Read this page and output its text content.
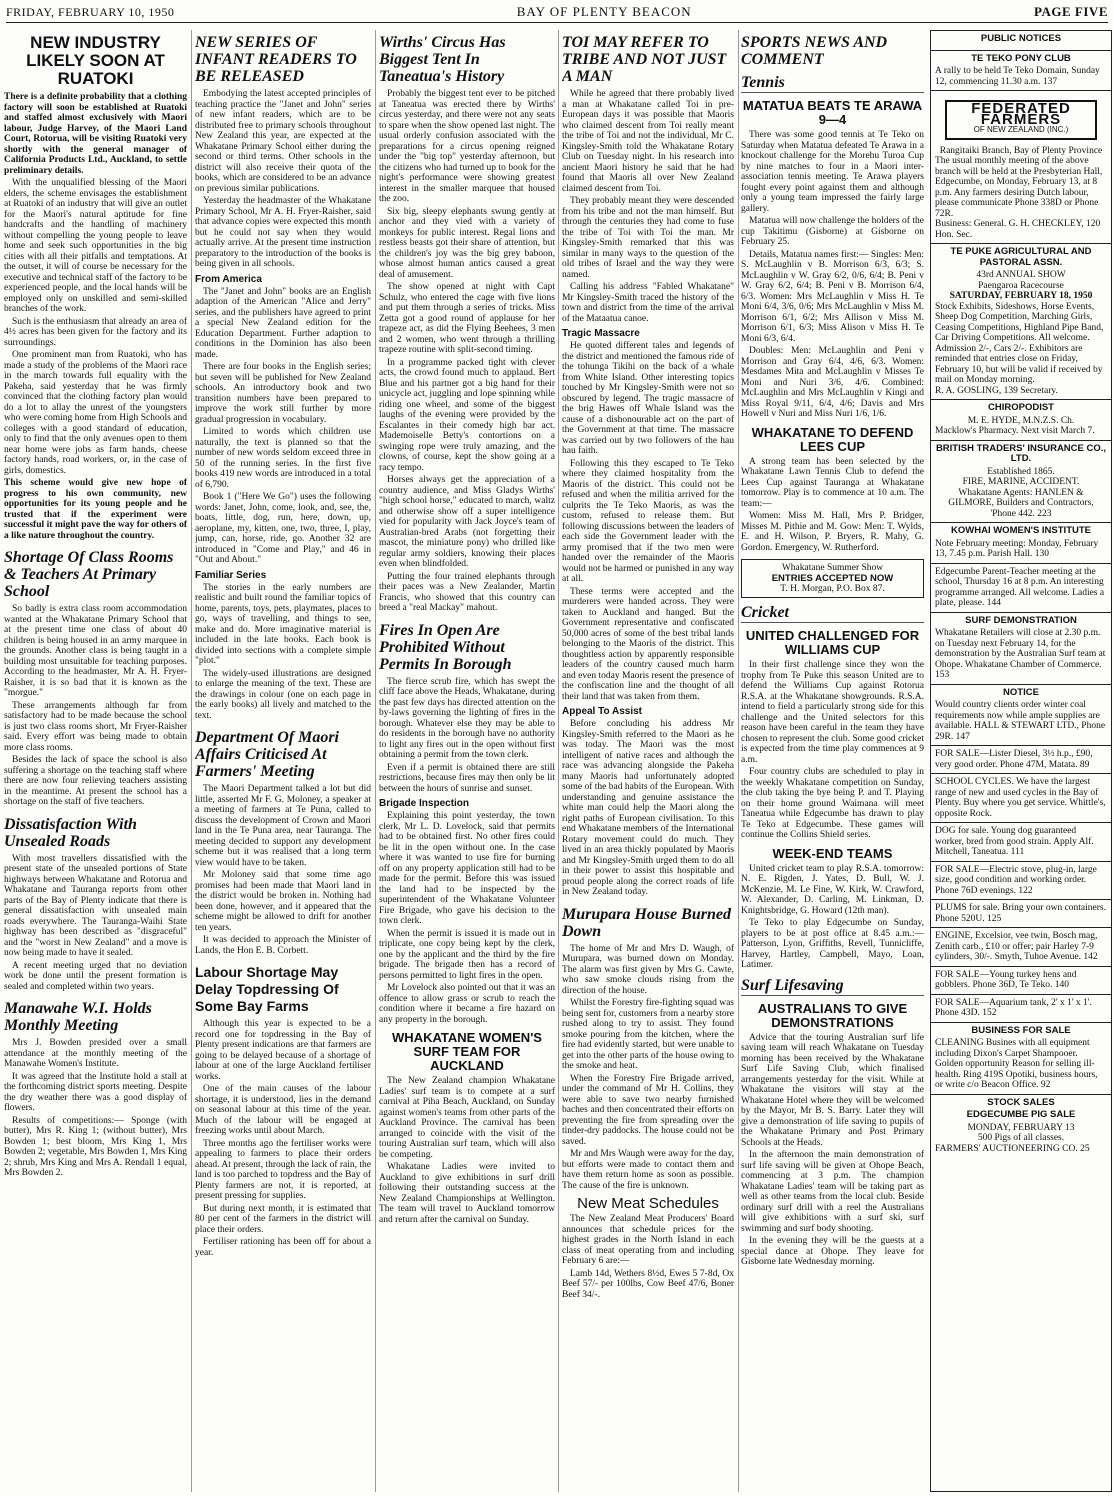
FRIDAY, FEBRUARY 10, 1950	BAY OF PLENTY BEACON	PAGE FIVE
NEW INDUSTRY LIKELY SOON AT RUATOKI

There is a definite probability that a clothing factory will soon be established at Ruatoki and staffed almost exclusively with Maori labour, Judge Harvey, of the Maori Land Court, Rotorua, will be visiting Ruatoki very shortly with the general manager of California Products Ltd., Auckland, to settle preliminary details.

With the unqualified blessing of the Maori elders, the scheme envisages the establishment at Ruatoki of an industry that will give an outlet for the Maori's natural aptitude for fine handcrafts and the handling of machinery without compelling the young people to leave home and seek such opportunities in the big cities with all their pitfalls and temptations. At the outset, it will of course be necessary for the executive and technical staff of the factory to be experienced people, and the local hands will be employed only on unskilled and semi-skilled branches of the work.

Such is the enthusiasm that already an area of 4½ acres has been given for the factory and its surroundings.

One prominent man from Ruatoki, who has made a study of the problems of the Maori race in the march towards full equality with the Pakeha, said yesterday that he was firmly convinced that the clothing factory plan would do a lot to allay the unrest of the youngsters who were coming home from High Schools and colleges with a good standard of education, only to find that the only avenues open to them near home were jobs as farm hands, cheese factory hands, road workers, or, in the case of girls, domestics.

This scheme would give new hope of progress to his own community, new opportunities for its young people and he trusted that if the experiment were successful it might pave the way for others of a like nature throughout the country.

Shortage Of Class Rooms & Teachers At Primary School

So badly is extra class room accommodation wanted at the Whakatane Primary School that at the present time one class of about 40 children is being housed in an army marquee in the grounds. Another class is being taught in a building most unsuitable for teaching purposes. According to the headmaster, Mr A. H. Fryer-Raisher, it is so bad that it is known as the "morgue."

These arrangements although far from satisfactory had to be made because the school is just two class rooms short, Mr Fryer-Raisher said. Every effort was being made to obtain more class rooms.

Besides the lack of space the school is also suffering a shortage on the teaching staff where there are now four relieving teachers assisting in the meantime. At present the school has a shortage on the staff of five teachers.

Dissatisfaction With Unsealed Roads

With most travellers dissatisfied with the present state of the unsealed portions of State highways between Whakatane and Rotorua and Whakatane and Tauranga reports from other parts of the Bay of Plenty indicate that there is general dissatisfaction with unsealed main roads everywhere. The Tauranga-Waihi State highway has been described as "disgraceful" and the "worst in New Zealand" and a move is now being made to have it sealed.

A recent meeting urged that no deviation work be done until the present formation is sealed and completed within two years.

Manawahe W.I. Holds Monthly Meeting

Mrs J. Bowden presided over a small attendance at the monthly meeting of the Manawahe Women's Institute.

It was agreed that the Institute hold a stall at the forthcoming district sports meeting. Despite the dry weather there was a good display of flowers.

Results of competitions:— Sponge (with butter), Mrs R. King 1; (without butter), Mrs Bowden 1; best bloom, Mrs King 1, Mrs Bowden 2; vegetable, Mrs Bowden 1, Mrs King 2; shrub, Mrs King and Mrs A. Rendall 1 equal, Mrs Bowden 2.

NEW SERIES OF INFANT READERS TO BE RELEASED

Embodying the latest accepted principles of teaching practice the "Janet and John" series of new infant readers, which are to be distributed free to primary schools throughout New Zealand this year, are expected at the Whakatane Primary School either during the second or third terms. Other schools in the district will also receive their quota of the books, which are considered to be an advance on previous similar publications.

Yesterday the headmaster of the Whakatane Primary School, Mr A. H. Fryer-Raisher, said that advance copies were expected this month but he could not say when they would actually arrive. At the present time instruction preparatory to the introduction of the books is being given in all schools.

From America

The "Janet and John" books are an English adaption of the American "Alice and Jerry" series, and the publishers have agreed to print a special New Zealand edition for the Education Department. Further adaption to conditions in the Dominion has also been made.

There are four books in the English series; but seven will be published for New Zealand schools. An introductory book and two transition numbers have been prepared to improve the work still further by more gradual progression in vocabulary.

Limited to words which children use naturally, the text is planned so that the number of new words seldom exceed three in 50 of the running series. In the first five books 419 new words are introduced in a total of 6,790.

Book 1 ("Here We Go") uses the following words: Janet, John, come, look, and, see, the, boats, little, dog, run, here, down, up, aeroplane, my, kitten, one, two, three, I, play, jump, can, horse, ride, go. Another 32 are introduced in "Come and Play," and 46 in "Out and About."

Familiar Series

The stories in the early numbers are realistic and built round the familiar topics of home, parents, toys, pets, playmates, places to go, ways of travelling, and things to see, make and do. More imaginative material is included in the late books. Each book is divided into sections with a complete simple "plot."

The widely-used illustrations are designed to enlarge the meaning of the text. These are the drawings in colour (one on each page in the early books) all lively and matched to the text.

Department Of Maori Affairs Criticised At Farmers' Meeting

The Maori Department talked a lot but did little, asserted Mr F. G. Moloney, a speaker at a meeting of farmers at Te Puna, called to discuss the development of Crown and Maori land in the Te Puna area, near Tauranga. The meeting decided to support any development scheme but it was realised that a long term view would have to be taken.

Mr Moloney said that some time ago promises had been made that Maori land in the district would be broken in. Nothing had been done, however, and it appeared that the scheme might be allowed to drift for another ten years.

It was decided to approach the Minister of Lands, the Hon E. B. Corbett.

Labour Shortage May Delay Topdressing Of Some Bay Farms

Although this year is expected to be a record one for topdressing in the Bay of Plenty present indications are that farmers are going to be delayed because of a shortage of labour at one of the large Auckland fertiliser works.

One of the main causes of the labour shortage, it is understood, lies in the demand on seasonal labour at this time of the year. Much of the labour will be engaged at freezing works until about March.

Three months ago the fertiliser works were appealing to farmers to place their orders ahead. At present, through the lack of rain, the land is too parched to topdress and the Bay of Plenty farmers are not, it is reported, at present pressing for supplies.

But during next month, it is estimated that 80 per cent of the farmers in the district will place their orders.

Fertiliser rationing has been off for about a year.

Wirths' Circus Has Biggest Tent In Taneatua's History

Probably the biggest tent ever to be pitched at Taneatua was erected there by Wirths' circus yesterday, and there were not any seats to spare when the show opened last night. The usual orderly confusion associated with the preparations for a circus opening reigned under the "big top" yesterday afternoon, but the citizens who had turned up to book for the night's performance were showing greatest interest in the smaller marquee that housed the zoo.

Six big, sleepy elephants swung gently at anchor and they vied with a variety of monkeys for public interest. Regal lions and restless beasts got their share of attention, but the children's joy was the big grey baboon, whose almost human antics caused a great deal of amusement.

The show opened at night with Capt Schulz, who entered the cage with five lions and put them through a series of tricks. Miss Zetta got a good round of applause for her trapeze act, as did the Flying Beehees, 3 men and 2 women, who went through a thrilling trapeze routine with split-second timing.

In a programme packed tight with clever acts, the crowd found much to applaud. Bert Blue and his partner got a big hand for their unicycle act, juggling and lope spinning while riding one wheel, and some of the biggest laughs of the evening were provided by the Escalantes in their comedy high bar act. Mademoiselle Betty's contortions on a swinging rope were truly amazing, and the clowns, of course, kept the show going at a racy tempo.

Horses always get the appreciation of a country audience, and Miss Gladys Wirths' "high school horse," educated to march, waltz and otherwise show off a super intelligence vied for popularity with Jack Joyce's team of Australian-bred Arabs (not forgetting their mascot, the miniature pony) who drilled like regular army soldiers, knowing their places even when blindfolded.

Putting the four trained elephants through their paces was a New Zealander, Martin Francis, who showed that this country can breed a "real Mackay" mahout.

Fires In Open Are Prohibited Without Permits In Borough

The fierce scrub fire, which has swept the cliff face above the Heads, Whakatane, during the past few days has directed attention on the by-laws governing the lighting of fires in the borough. Whatever else they may be able to do residents in the borough have no authority to light any fires out in the open without first obtaining a permit from the town clerk.

Even if a permit is obtained there are still restrictions, because fires may then only be lit between the hours of sunrise and sunset.

Brigade Inspection

Explaining this point yesterday, the town clerk, Mr L. D. Lovelock, said that permits had to be obtained first. No other fires could be lit in the open without one. In the case where it was wanted to use fire for burning off on any property application still had to be made for the permit. Before this was issued the land had to be inspected by the superintendent of the Whakatane Volunteer Fire Brigade, who gave his decision to the town clerk.

When the permit is issued it is made out in triplicate, one copy being kept by the clerk, one by the applicant and the third by the fire brigade. The brigade then has a record of persons permitted to light fires in the open.

Mr Lovelock also pointed out that it was an offence to allow grass or scrub to reach the condition where it became a fire hazard on any property in the borough.

WHAKATANE WOMEN'S SURF TEAM FOR AUCKLAND

The New Zealand champion Whakatane Ladies' surf team is to compete at a surf carnival at Piha Beach, Auckland, on Sunday against women's teams from other parts of the Auckland Province. The carnival has been arranged to coincide with the visit of the touring Australian surf team, which will also be competing.

Whakatane Ladies were invited to Auckland to give exhibitions in surf drill following their outstanding success at the New Zealand Championships at Wellington. The team will travel to Auckland tomorrow and return after the carnival on Sunday.

TOI MAY REFER TO TRIBE AND NOT JUST A MAN

While he agreed that there probably lived a man at Whakatane called Toi in pre-European days it was possible that Maoris who claimed descent from Toi really meant the tribe of Toi and not the individual, Mr C. Kingsley-Smith told the Whakatane Rotary Club on Tuesday night. In his research into ancient Maori history he said that he had found that Maoris all over New Zealand claimed descent from Toi.

They probably meant they were descended from his tribe and not the man himself. But through the centuries they had come to fuse the tribe of Toi with Toi the man. Mr Kingsley-Smith remarked that this was similar in many ways to the question of the old tribes of Israel and the way they were named.

Calling his address "Fabled Whakatane" Mr Kingsley-Smith traced the history of the town and district from the time of the arrival of the Mataatua canoe.

Tragic Massacre

He quoted different tales and legends of the district and mentioned the famous ride of the tohunga Tikihi on the back of a whale from White Island. Other interesting topics touched by Mr Kingsley-Smith were not so obscured by legend. The tragic massacre of the brig Hawes off Whale Island was the cause of a dishonourable act on the part of the Government at that time. The massacre was carried out by two followers of the hau hau faith.

Following this they escaped to Te Teko where they claimed hospitality from the Maoris of the district. This could not be refused and when the militia arrived for the culprits the Te Teko Maoris, as was the custom, refused to release them. But following discussions between the leaders of each side the Government leader with the army promised that if the two men were handed over the remainder of the Maoris would not be harmed or punished in any way at all.

These terms were accepted and the murderers were handed across. They were taken to Auckland and hanged. But the Government representative and confiscated 50,000 acres of some of the best tribal lands belonging to the Maoris of the district. This thoughtless action by apparently responsible leaders of the country caused much harm and even today Maoris resent the presence of the confiscation line and the thought of all their land that was taken from them.

Appeal To Assist

Before concluding his address Mr Kingsley-Smith referred to the Maori as he was today. The Maori was the most intelligent of native races and although the race was advancing alongside the Pakeha many Maoris had unfortunately adopted some of the bad habits of the European. With understanding and genuine assistance the white man could help the Maori along the right paths of European civilisation. To this end Whakatane members of the International Rotary movement could do much. They lived in an area thickly populated by Maoris and Mr Kingsley-Smith urged them to do all in their power to assist this hospitable and proud people along the correct roads of life in New Zealand today.

Murupara House Burned Down

The home of Mr and Mrs D. Waugh, of Murupara, was burned down on Monday. The alarm was first given by Mrs G. Cawte, who saw smoke clouds rising from the direction of the house.

Whilst the Forestry fire-fighting squad was being sent for, customers from a nearby store rushed along to try to assist. They found smoke pouring from the kitchen, where the fire had evidently started, but were unable to get into the other parts of the house owing to the smoke and heat.

When the Forestry Fire Brigade arrived, under the command of Mr H. Collins, they were able to save two nearby furnished baches and then concentrated their efforts on preventing the fire from spreading over the tinder-dry paddocks. The house could not be saved.

Mr and Mrs Waugh were away for the day, but efforts were made to contact them and have them return home as soon as possible. The cause of the fire is unknown.

New Meat Schedules

The New Zealand Meat Producers' Board announces that schedule prices for the highest grades in the North Island in each class of meat operating from and including February 6 are:—

Lamb 14d, Wethers 8½d, Ewes 5 7-8d, Ox Beef 57/- per 100lbs, Cow Beef 47/6, Boner Beef 34/-.

SPORTS NEWS AND COMMENT
Tennis
MATATUA BEATS TE ARAWA 9—4

There was some good tennis at Te Teko on Saturday when Matatua defeated Te Arawa in a knockout challenge for the Morehu Turoa Cup by nine matches to four in a Maori inter-association tennis meeting. Te Arawa players fought every point against them and although only a young team impressed the fairly large gallery.

Matatua will now challenge the holders of the cup Takitimu (Gisborne) at Gisborne on February 25.

Details, Matatua names first:— Singles: Men: S. McLaughlin v B. Morrison 6/3, 6/3; S. McLaughlin v W. Gray 6/2, 0/6, 6/4; B. Peni v W. Gray 6/2, 6/4; B. Peni v B. Morrison 6/4, 6/3. Women: Mrs McLaughlin v Miss H. Te Moni 6/4, 3/6, 0/6; Mrs McLaughlin v Miss M. Morrison 6/1, 6/2; Mrs Allison v Miss M. Morrison 6/1, 6/3; Miss Alison v Miss H. Te Moni 6/3, 6/4.

Doubles: Men: McLaughlin and Peni v Morrison and Gray 6/4, 4/6, 6/3. Women: Mesdames Mita and McLaughlin v Misses Te Moni and Nuri 3/6, 4/6. Combined: McLaughlin and Mrs McLaughlin v Kingi and Miss Royal 9/11, 6/4, 4/6; Davis and Mrs Howell v Nuri and Miss Nuri 1/6, 1/6.

WHAKATANE TO DEFEND LEES CUP

A strong team has been selected by the Whakatane Lawn Tennis Club to defend the Lees Cup against Tauranga at Whakatane tomorrow. Play is to commence at 10 a.m. The team:—

Women: Miss M. Hall, Mrs P. Bridger, Misses M. Pithie and M. Gow: Men: T. Wylds, E. and H. Wilson, P. Bryers, R. Mahy, G. Gordon. Emergency, W. Rutherford.

Whakatane Summer Show
ENTRIES ACCEPTED NOW
T. H. Morgan, P.O. Box 87.
Cricket
UNITED CHALLENGED FOR WILLIAMS CUP

In their first challenge since they won the trophy from Te Puke this season United are to defend the Williams Cup against Rotorua R.S.A. at the Whakatane showgrounds. R.S.A. intend to field a particularly strong side for this challenge and the United selectors for this reason have been careful in the team they have chosen to represent the club. Some good cricket is expected from the time play commences at 9 a.m.

Four country clubs are scheduled to play in the weekly Whakatane competition on Sunday, the club taking the bye being P. and T. Playing on their home ground Waimana will meet Taneatua while Edgecumbe has drawn to play Te Teko at Edgecumbe. These games will continue the Collins Shield series.

WEEK-END TEAMS

United cricket team to play R.S.A. tomorrow: N. E. Rigden, J. Yates, D. Bull, W. J. McKenzie, M. Le Fine, W. Kirk, W. Crawford, W. Alexander, D. Carling, M. Linkman, D. Knightsbridge, G. Howard (12th man).

Te Teko to play Edgecumbe on Sunday, players to be at post office at 8.45 a.m.:—Patterson, Lyon, Griffiths, Revell, Tunnicliffe, Harvey, Hartley, Campbell, Mayo, Loan, Latimer.

Surf Lifesaving
AUSTRALIANS TO GIVE DEMONSTRATIONS

Advice that the touring Australian surf life saving team will reach Whakatane on Tuesday morning has been received by the Whakatane Surf Life Saving Club, which finalised arrangements yesterday for the visit. While at Whakatane the visitors will stay at the Whakatane Hotel where they will be welcomed by the Mayor, Mr B. S. Barry. Later they will give a demonstration of life saving to pupils of the Whakatane Primary and Post Primary Schools at the Heads.

In the afternoon the main demonstration of surf life saving will be given at Ohope Beach, commencing at 3 p.m. The champion Whakatane Ladies' team will be taking part as well as other teams from the local club. Beside ordinary surf drill with a reel the Australians will give exhibitions with a surf ski, surf swimming and surf body shooting.

In the evening they will be the guests at a special dance at Ohope. They leave for Gisborne late Wednesday morning.

PUBLIC NOTICES
TE TEKO PONY CLUB
A rally to be held Te Teko Domain, Sunday 12, commencing 11.30 a.m. 137
FEDERATED FARMERS
OF NEW ZEALAND (INC.)
Rangitaiki Branch, Bay of Plenty Province
The usual monthly meeting of the above branch will be held at the Presbyterian Hall, Edgecumbe, on Monday, February 13, at 8 p.m. Any farmers desiring Dutch labour, please communicate Phone 338D or Phone 72R.
Business: General. G. H. CHECKLEY, 120 Hon. Sec.
TE PUKE AGRICULTURAL AND PASTORAL ASSN.
43rd ANNUAL SHOW
Paengaroa Racecourse
SATURDAY, FEBRUARY 18, 1950
Stock Exhibits, Sideshows, Horse Events, Sheep Dog Competition, Marching Girls, Ceasing Competitions, Highland Pipe Band, Car Driving Competitions. All welcome.
Admission 2/-, Cars 2/-. Exhibitors are reminded that entries close on Friday, February 10, but will be valid if received by mail on Monday morning.
R. A. GOSLING, 139 Secretary.
CHIROPODIST
M. E. HYDE, M.N.Z.S. Ch.
Macklow's Pharmacy. Next visit March 7.
BRITISH TRADERS' INSURANCE CO., LTD.
Established 1865.
FIRE, MARINE, ACCIDENT.
Whakatane Agents: HANLEN & GILMORE, Builders and Contractors, 'Phone 442. 223
KOWHAI WOMEN'S INSTITUTE
Note February meeting: Monday, February 13, 7.45 p.m. Parish Hall. 130
Edgecumbe Parent-Teacher meeting at the school, Thursday 16 at 8 p.m. An interesting programme arranged. All welcome. Ladies a plate, please. 144
SURF DEMONSTRATION
Whakatane Retailers will close at 2.30 p.m. on Tuesday next February 14, for the demonstration by the Australian Surf team at Ohope. Whakatane Chamber of Commerce. 153
NOTICE
Would country clients order winter coal requirements now while ample supplies are available. HALL & STEWART LTD., Phone 29R. 147
FOR SALE—Lister Diesel, 3½ h.p., £90, very good order. Phone 47M, Matata. 89
SCHOOL CYCLES. We have the largest range of new and used cycles in the Bay of Plenty. Buy where you get service. Whittle's, opposite Rock.
DOG for sale. Young dog guaranteed worker, bred from good strain. Apply Alf. Mitchell, Taneatua. 111
FOR SALE—Electric stove, plug-in, large size, good condition and working order. Phone 76D evenings. 122
PLUMS for sale. Bring your own containers. Phone 520U. 125
ENGINE, Excelsior, vee twin, Bosch mag, Zenith carb., £10 or offer; pair Harley 7-9 cylinders, 30/-. Smyth, Tuhoe Avenue. 142
FOR SALE—Young turkey hens and gobblers. Phone 36D, Te Teko. 140
FOR SALE—Aquarium tank, 2' x 1' x 1'. Phone 43D. 152
BUSINESS FOR SALE
CLEANING Busines with all equipment including Dixon's Carpet Shampooer. Golden opportunity Reason for selling ill-health. Ring 419S Opotiki, business hours, or write c/o Beacon Office. 92
STOCK SALES
EDGECUMBE PIG SALE
MONDAY, FEBRUARY 13
500 Pigs of all classes.
FARMERS' AUCTIONEERING CO. 25
